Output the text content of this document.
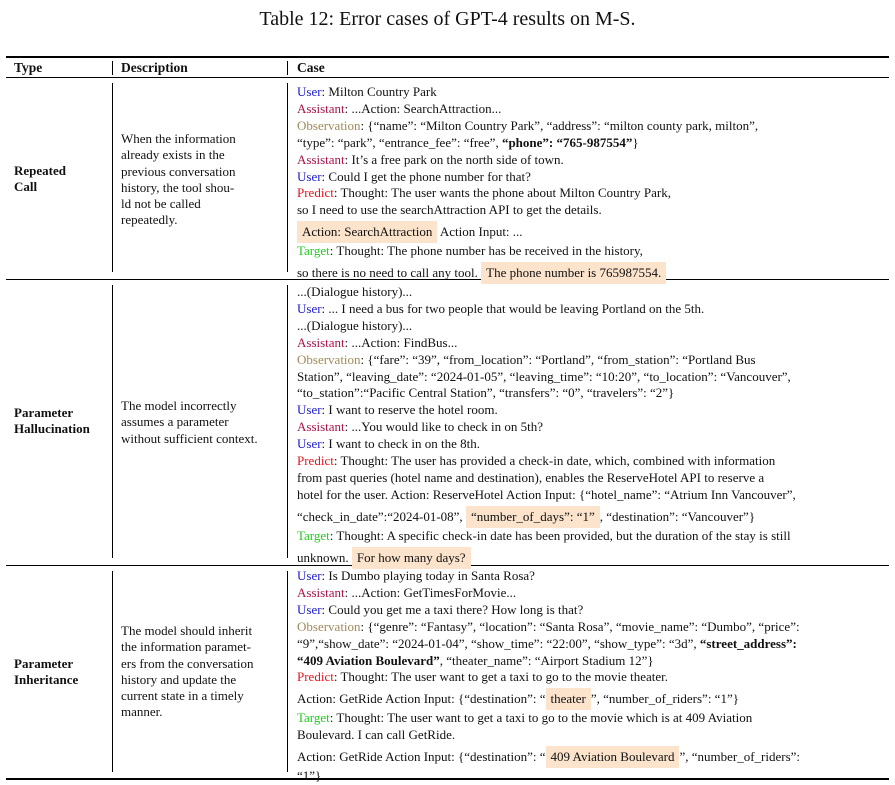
Table 12: Error cases of GPT-4 results on M-S.
Type	Description	Case
Repeated
Call
When the information
already exists in the
previous conversation
history, the tool shou-
ld not be called
repeatedly.
User: Milton Country Park
Assistant: ...Action: SearchAttraction...
Observation: {“name”: “Milton Country Park”, “address”: “milton county park, milton”,
“type”: “park”, “entrance_fee”: “free”, “phone”: “765-987554”}
Assistant: It’s a free park on the north side of town.
User: Could I get the phone number for that?
Predict: Thought: The user wants the phone about Milton Country Park,
so I need to use the searchAttraction API to get the details.
Action: SearchAttraction Action Input: ...
Target: Thought: The phone number has be received in the history,
so there is no need to call any tool. The phone number is 765987554.
Parameter
Hallucination
The model incorrectly
assumes a parameter
without sufficient context.
...(Dialogue history)...
User: ... I need a bus for two people that would be leaving Portland on the 5th.
...(Dialogue history)...
Assistant: ...Action: FindBus...
Observation: {“fare”: “39”, “from_location”: “Portland”, “from_station”: “Portland Bus
Station”, “leaving_date”: “2024-01-05”, “leaving_time”: “10:20”, “to_location”: “Vancouver”,
“to_station”:“Pacific Central Station”, “transfers”: “0”, “travelers”: “2”}
User: I want to reserve the hotel room.
Assistant: ...You would like to check in on 5th?
User: I want to check in on the 8th.
Predict: Thought: The user has provided a check-in date, which, combined with information
from past queries (hotel name and destination), enables the ReserveHotel API to reserve a
hotel for the user. Action: ReserveHotel Action Input: {“hotel_name”: “Atrium Inn Vancouver”,
“check_in_date”:“2024-01-08”, “number_of_days”: “1” , “destination”: “Vancouver”}
Target: Thought: A specific check-in date has been provided, but the duration of the stay is still
unknown. For how many days?
Parameter
Inheritance
The model should inherit
the information paramet-
ers from the conversation
history and update the
current state in a timely
manner.
User: Is Dumbo playing today in Santa Rosa?
Assistant: ...Action: GetTimesForMovie...
User: Could you get me a taxi there? How long is that?
Observation: {“genre”: “Fantasy”, “location”: “Santa Rosa”, “movie_name”: “Dumbo”, “price”:
“9”,“show_date”: “2024-01-04”, “show_time”: “22:00”, “show_type”: “3d”, “street_address”:
“409 Aviation Boulevard”, “theater_name”: “Airport Stadium 12”}
Predict: Thought: The user want to get a taxi to go to the movie theater.
Action: GetRide Action Input: {“destination”: “theater”, “number_of_riders”: “1”}
Target: Thought: The user want to get a taxi to go to the movie which is at 409 Aviation
Boulevard. I can call GetRide.
Action: GetRide Action Input: {“destination”: “409 Aviation Boulevard”, “number_of_riders”:
“1”}
